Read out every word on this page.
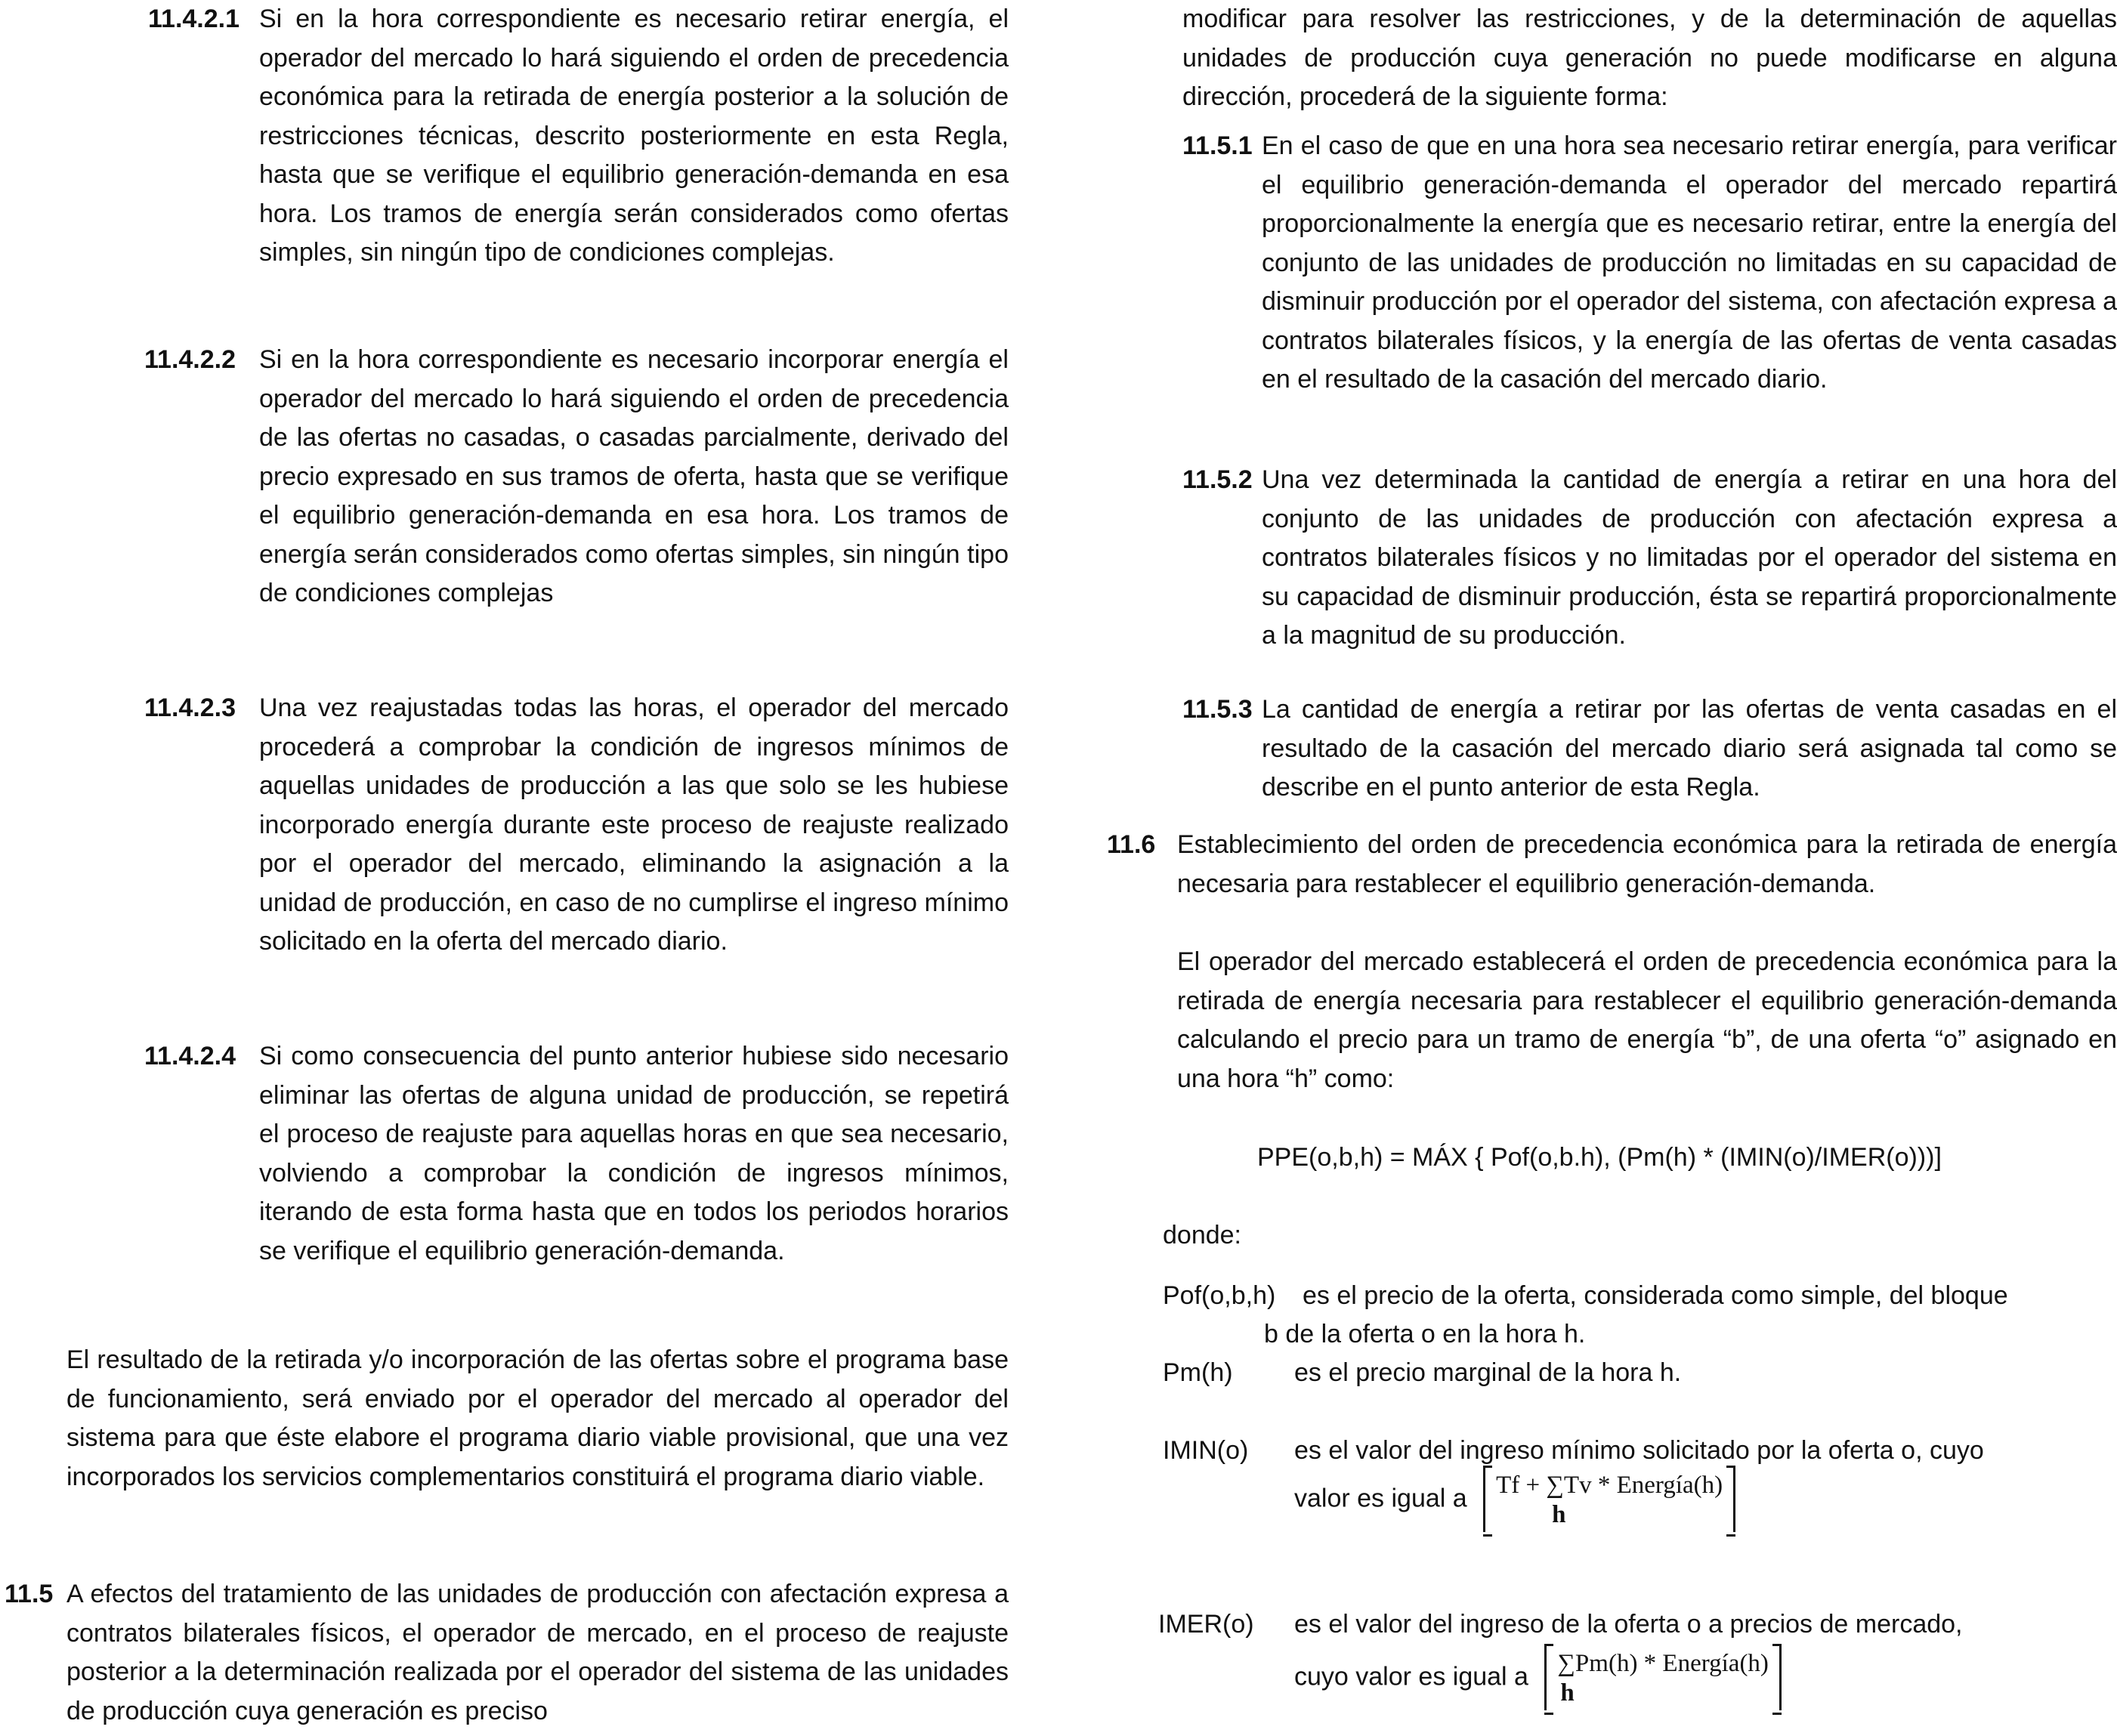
11.4.2.1 Si en la hora correspondiente es necesario retirar energía, el operador del mercado lo hará siguiendo el orden de precedencia económica para la retirada de energía posterior a la solución de restricciones técnicas, descrito posteriormente en esta Regla, hasta que se verifique el equilibrio generación-demanda en esa hora. Los tramos de energía serán considerados como ofertas simples, sin ningún tipo de condiciones complejas.
11.4.2.2 Si en la hora correspondiente es necesario incorporar energía el operador del mercado lo hará siguiendo el orden de precedencia de las ofertas no casadas, o casadas parcialmente, derivado del precio expresado en sus tramos de oferta, hasta que se verifique el equilibrio generación-demanda en esa hora. Los tramos de energía serán considerados como ofertas simples, sin ningún tipo de condiciones complejas
11.4.2.3 Una vez reajustadas todas las horas, el operador del mercado procederá a comprobar la condición de ingresos mínimos de aquellas unidades de producción a las que solo se les hubiese incorporado energía durante este proceso de reajuste realizado por el operador del mercado, eliminando la asignación a la unidad de producción, en caso de no cumplirse el ingreso mínimo solicitado en la oferta del mercado diario.
11.4.2.4 Si como consecuencia del punto anterior hubiese sido necesario eliminar las ofertas de alguna unidad de producción, se repetirá el proceso de reajuste para aquellas horas en que sea necesario, volviendo a comprobar la condición de ingresos mínimos, iterando de esta forma hasta que en todos los periodos horarios se verifique el equilibrio generación-demanda.
El resultado de la retirada y/o incorporación de las ofertas sobre el programa base de funcionamiento, será enviado por el operador del mercado al operador del sistema para que éste elabore el programa diario viable provisional, que una vez incorporados los servicios complementarios constituirá el programa diario viable.
11.5 A efectos del tratamiento de las unidades de producción con afectación expresa a contratos bilaterales físicos, el operador de mercado, en el proceso de reajuste posterior a la determinación realizada por el operador del sistema de las unidades de producción cuya generación es preciso
modificar para resolver las restricciones, y de la determinación de aquellas unidades de producción cuya generación no puede modificarse en alguna dirección, procederá de la siguiente forma:
11.5.1 En el caso de que en una hora sea necesario retirar energía, para verificar el equilibrio generación-demanda el operador del mercado repartirá proporcionalmente la energía que es necesario retirar, entre la energía del conjunto de las unidades de producción no limitadas en su capacidad de disminuir producción por el operador del sistema, con afectación expresa a contratos bilaterales físicos, y la energía de las ofertas de venta casadas en el resultado de la casación del mercado diario.
11.5.2 Una vez determinada la cantidad de energía a retirar en una hora del conjunto de las unidades de producción con afectación expresa a contratos bilaterales físicos y no limitadas por el operador del sistema en su capacidad de disminuir producción, ésta se repartirá proporcionalmente a la magnitud de su producción.
11.5.3 La cantidad de energía a retirar por las ofertas de venta casadas en el resultado de la casación del mercado diario será asignada tal como se describe en el punto anterior de esta Regla.
11.6 Establecimiento del orden de precedencia económica para la retirada de energía necesaria para restablecer el equilibrio generación-demanda.
El operador del mercado establecerá el orden de precedencia económica para la retirada de energía necesaria para restablecer el equilibrio generación-demanda calculando el precio para un tramo de energía “b”, de una oferta “o” asignado en una hora “h” como:
PPE(o,b,h) = MÁX { Pof(o,b.h), (Pm(h) * (IMIN(o)/IMER(o)))]
donde:
Pof(o,b,h) es el precio de la oferta, considerada como simple, del bloque
b de la oferta o en la hora h.
Pm(h) es el precio marginal de la hora h.
IMIN(o) es el valor del ingreso mínimo solicitado por la oferta o, cuyo
valor es igual a Tf + ∑Tv * Energía(h)
h
IMER(o) es el valor del ingreso de la oferta o a precios de mercado,
cuyo valor es igual a ∑Pm(h) * Energía(h)
h
